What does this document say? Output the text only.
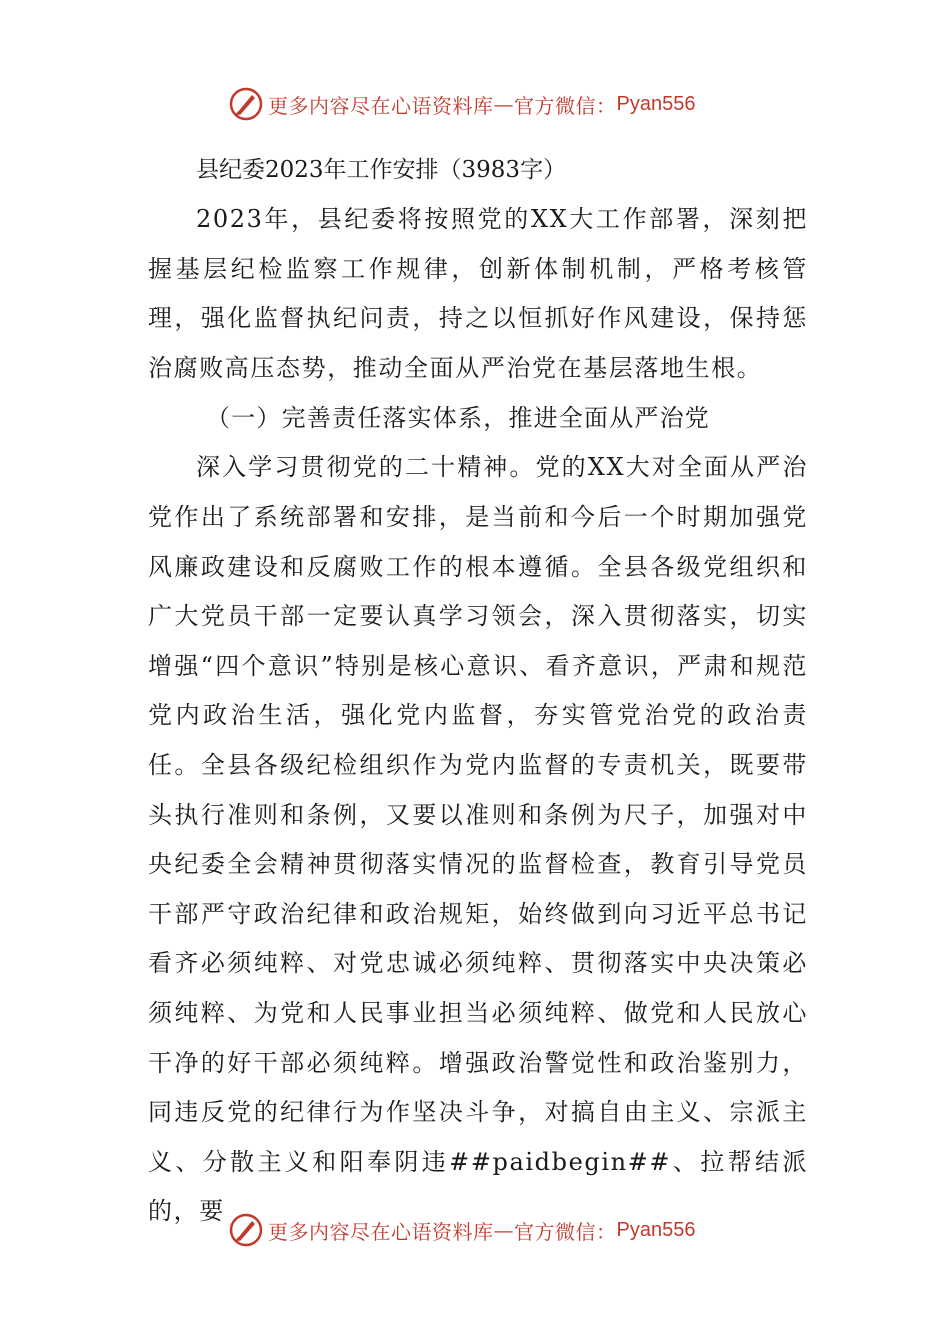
更多内容尽在心语资料库 — 官方微信： Pyan556
县纪委2023年工作安排（3983字）

2023年，县纪委将按照党的XX大工作部署，深刻把握基层纪检监察工作规律，创新体制机制，严格考核管理，强化监督执纪问责，持之以恒抓好作风建设，保持惩治腐败高压态势，推动全面从严治党在基层落地生根。

（一）完善责任落实体系，推进全面从严治党

深入学习贯彻党的二十精神。党的XX大对全面从严治党作出了系统部署和安排，是当前和今后一个时期加强党风廉政建设和反腐败工作的根本遵循。全县各级党组织和广大党员干部一定要认真学习领会，深入贯彻落实，切实增强“四个意识”特别是核心意识、看齐意识，严肃和规范党内政治生活，强化党内监督，夯实管党治党的政治责任。全县各级纪检组织作为党内监督的专责机关，既要带头执行准则和条例，又要以准则和条例为尺子，加强对中央纪委全会精神贯彻落实情况的监督检查，教育引导党员干部严守政治纪律和政治规矩，始终做到向习近平总书记看齐必须纯粹、对党忠诚必须纯粹、贯彻落实中央决策必须纯粹、为党和人民事业担当必须纯粹、做党和人民放心干净的好干部必须纯粹。增强政治警觉性和政治鉴别力，同违反党的纪律行为作坚决斗争，对搞自由主义、宗派主义、分散主义和阳奉阴违##paidbegin##、拉帮结派的，要

更多内容尽在心语资料库 — 官方微信： Pyan556
